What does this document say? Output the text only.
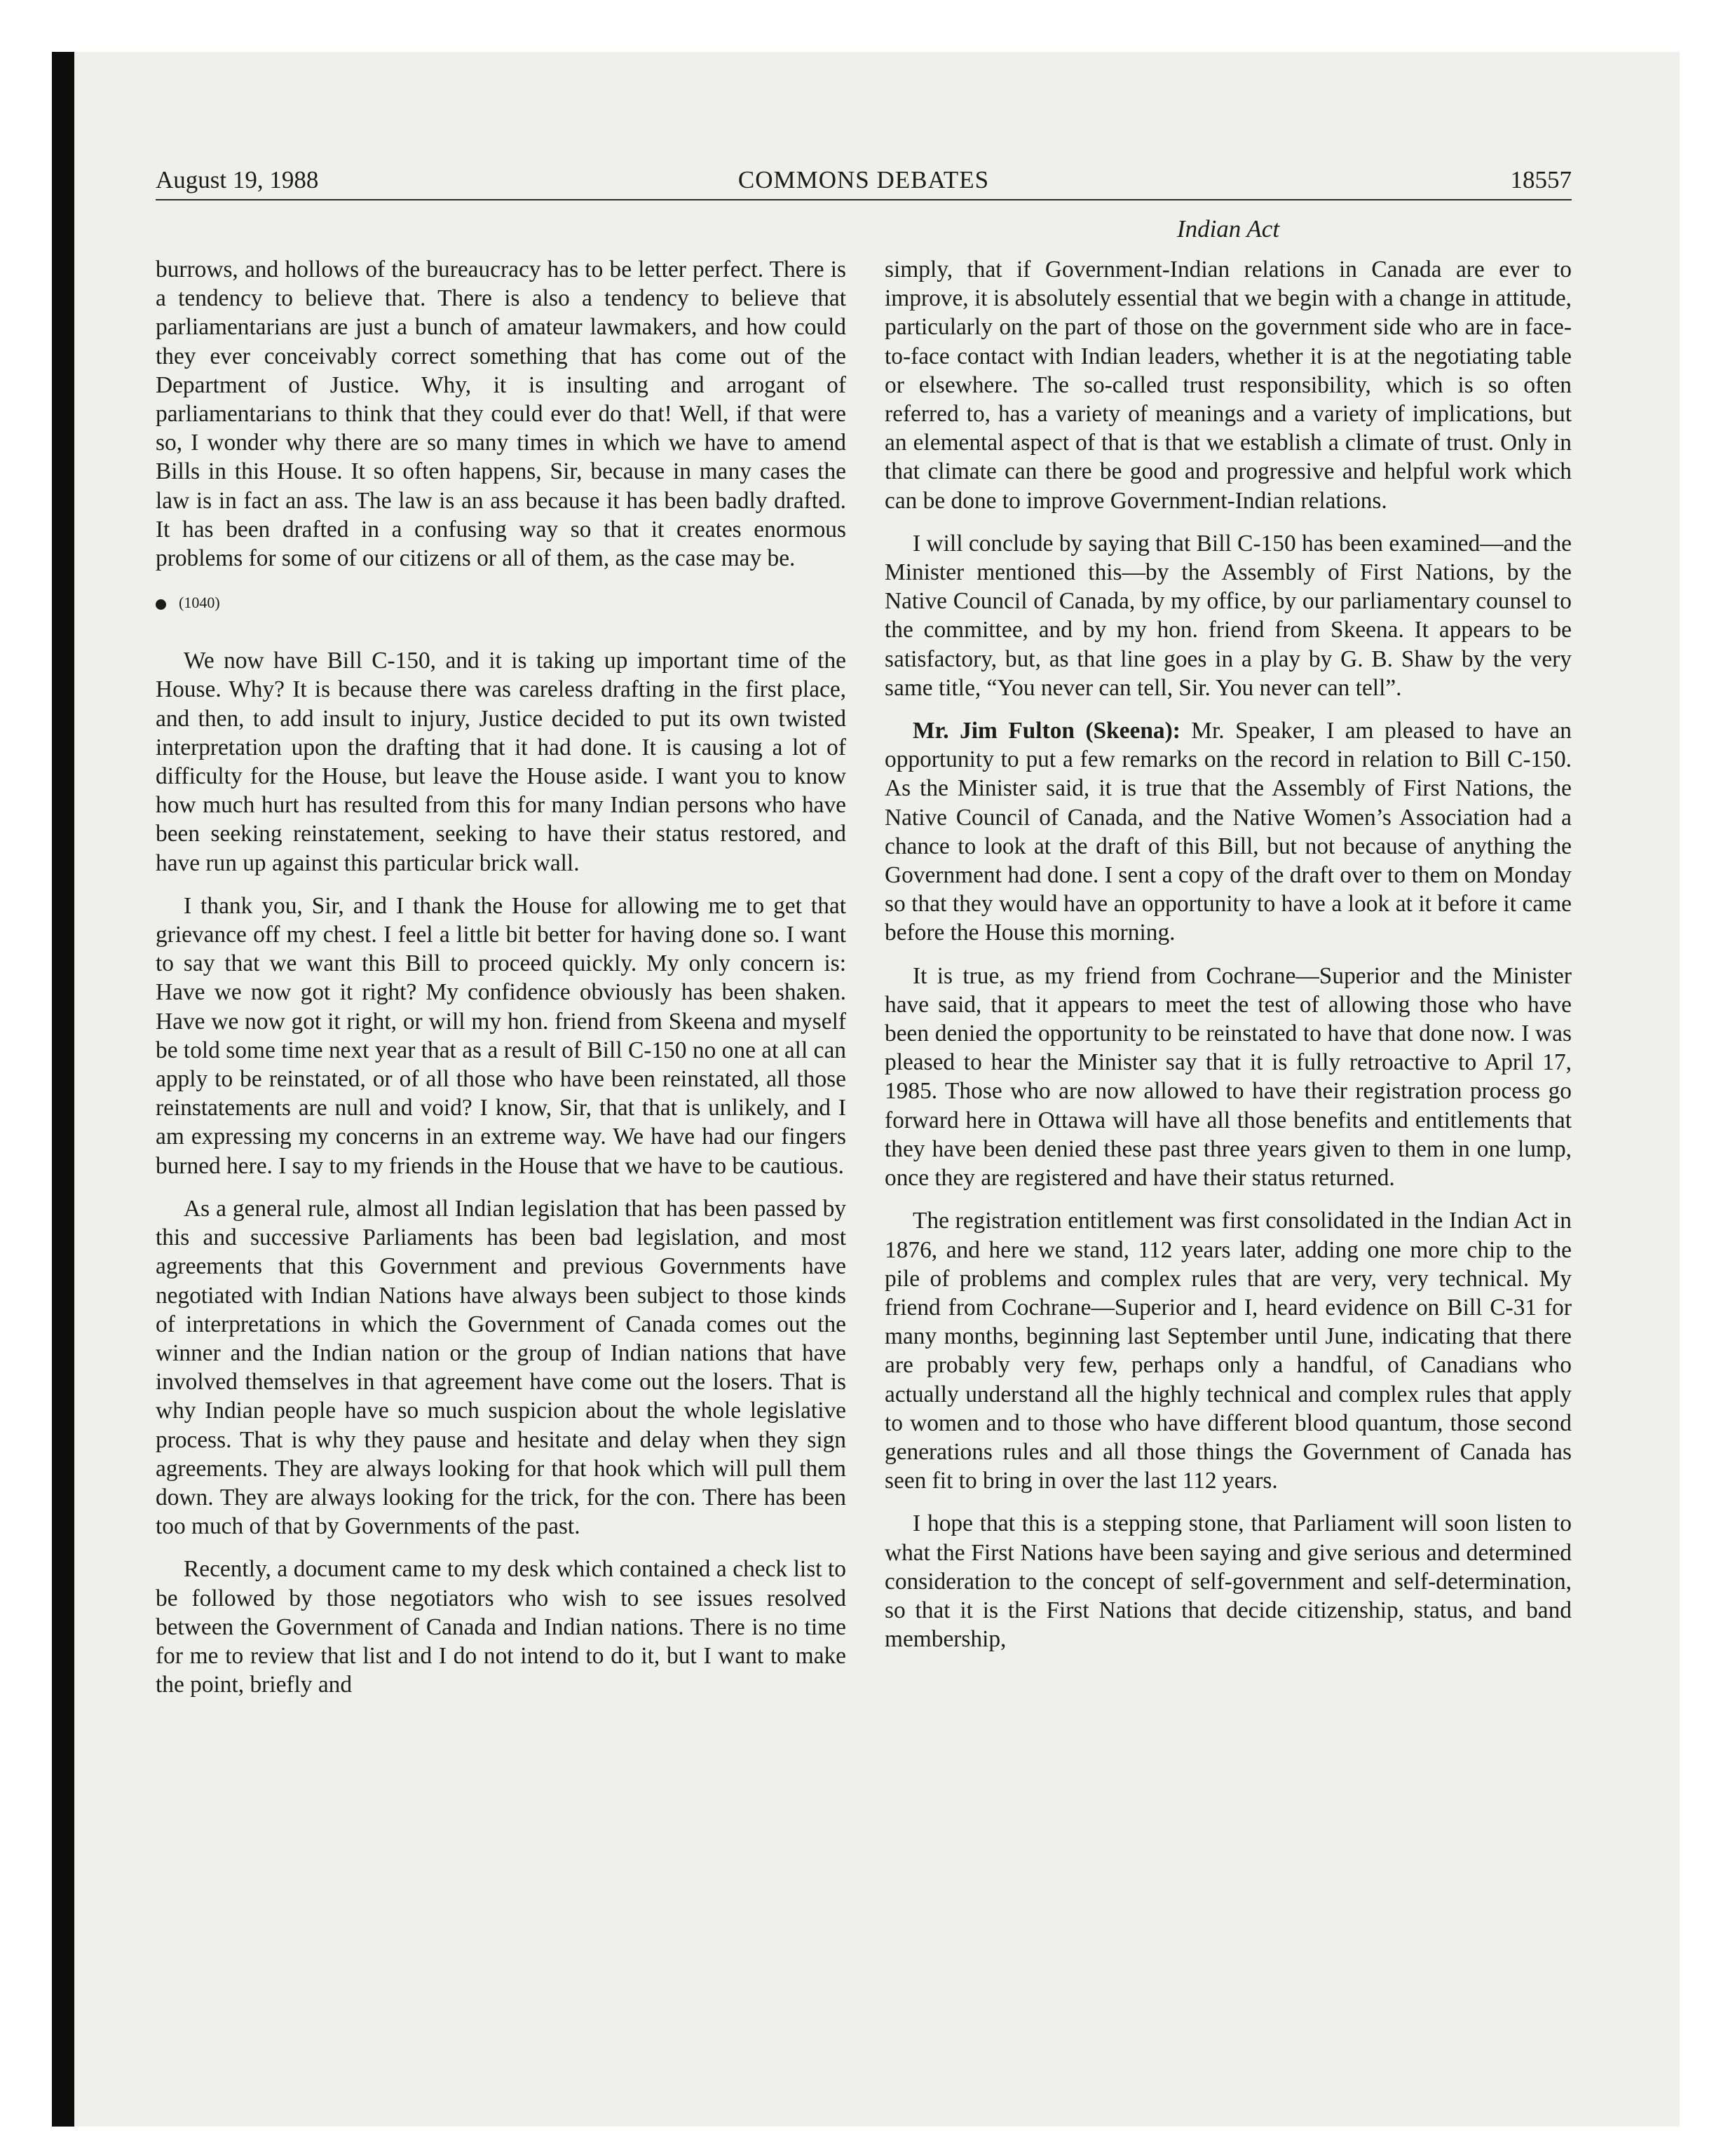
COMMONS DEBATES
August 19, 1988	18557
Indian Act

burrows, and hollows of the bureaucracy has to be letter perfect. There is a tendency to believe that. There is also a tendency to believe that parliamentarians are just a bunch of amateur lawmakers, and how could they ever conceivably correct something that has come out of the Department of Justice. Why, it is insulting and arrogant of parliamentarians to think that they could ever do that! Well, if that were so, I wonder why there are so many times in which we have to amend Bills in this House. It so often happens, Sir, because in many cases the law is in fact an ass. The law is an ass because it has been badly drafted. It has been drafted in a confusing way so that it creates enormous problems for some of our citizens or all of them, as the case may be.

(1040)

We now have Bill C-150, and it is taking up important time of the House. Why? It is because there was careless drafting in the first place, and then, to add insult to injury, Justice decided to put its own twisted interpretation upon the drafting that it had done. It is causing a lot of difficulty for the House, but leave the House aside. I want you to know how much hurt has resulted from this for many Indian persons who have been seeking reinstatement, seeking to have their status restored, and have run up against this particular brick wall.

I thank you, Sir, and I thank the House for allowing me to get that grievance off my chest. I feel a little bit better for having done so. I want to say that we want this Bill to proceed quickly. My only concern is: Have we now got it right? My confidence obviously has been shaken. Have we now got it right, or will my hon. friend from Skeena and myself be told some time next year that as a result of Bill C-150 no one at all can apply to be reinstated, or of all those who have been reinstated, all those reinstatements are null and void? I know, Sir, that that is unlikely, and I am expressing my concerns in an extreme way. We have had our fingers burned here. I say to my friends in the House that we have to be cautious.

As a general rule, almost all Indian legislation that has been passed by this and successive Parliaments has been bad legislation, and most agreements that this Government and previous Governments have negotiated with Indian Nations have always been subject to those kinds of interpretations in which the Government of Canada comes out the winner and the Indian nation or the group of Indian nations that have involved themselves in that agreement have come out the losers. That is why Indian people have so much suspicion about the whole legislative process. That is why they pause and hesitate and delay when they sign agreements. They are always looking for that hook which will pull them down. They are always looking for the trick, for the con. There has been too much of that by Governments of the past.

Recently, a document came to my desk which contained a check list to be followed by those negotiators who wish to see issues resolved between the Government of Canada and Indian nations. There is no time for me to review that list and I do not intend to do it, but I want to make the point, briefly and

simply, that if Government-Indian relations in Canada are ever to improve, it is absolutely essential that we begin with a change in attitude, particularly on the part of those on the government side who are in face-to-face contact with Indian leaders, whether it is at the negotiating table or elsewhere. The so-called trust responsibility, which is so often referred to, has a variety of meanings and a variety of implications, but an elemental aspect of that is that we establish a climate of trust. Only in that climate can there be good and progressive and helpful work which can be done to improve Government-Indian relations.

I will conclude by saying that Bill C-150 has been examined—and the Minister mentioned this—by the Assembly of First Nations, by the Native Council of Canada, by my office, by our parliamentary counsel to the committee, and by my hon. friend from Skeena. It appears to be satisfactory, but, as that line goes in a play by G. B. Shaw by the very same title, “You never can tell, Sir. You never can tell”.

Mr. Jim Fulton (Skeena): Mr. Speaker, I am pleased to have an opportunity to put a few remarks on the record in relation to Bill C-150. As the Minister said, it is true that the Assembly of First Nations, the Native Council of Canada, and the Native Women’s Association had a chance to look at the draft of this Bill, but not because of anything the Government had done. I sent a copy of the draft over to them on Monday so that they would have an opportunity to have a look at it before it came before the House this morning.

It is true, as my friend from Cochrane—Superior and the Minister have said, that it appears to meet the test of allowing those who have been denied the opportunity to be reinstated to have that done now. I was pleased to hear the Minister say that it is fully retroactive to April 17, 1985. Those who are now allowed to have their registration process go forward here in Ottawa will have all those benefits and entitlements that they have been denied these past three years given to them in one lump, once they are registered and have their status returned.

The registration entitlement was first consolidated in the Indian Act in 1876, and here we stand, 112 years later, adding one more chip to the pile of problems and complex rules that are very, very technical. My friend from Cochrane—Superior and I, heard evidence on Bill C-31 for many months, beginning last September until June, indicating that there are probably very few, perhaps only a handful, of Canadians who actually understand all the highly technical and complex rules that apply to women and to those who have different blood quantum, those second generations rules and all those things the Government of Canada has seen fit to bring in over the last 112 years.

I hope that this is a stepping stone, that Parliament will soon listen to what the First Nations have been saying and give serious and determined consideration to the concept of self-government and self-determination, so that it is the First Nations that decide citizenship, status, and band membership,
